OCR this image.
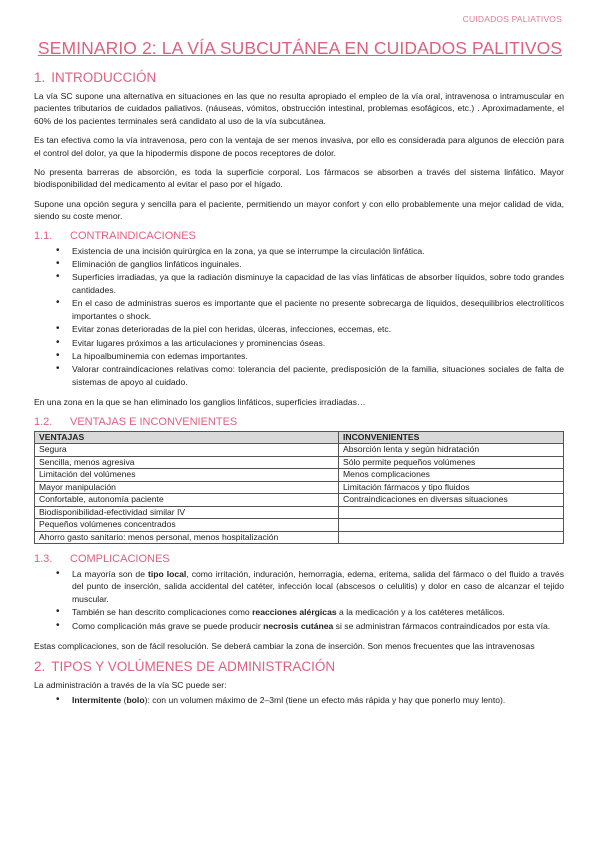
CUIDADOS PALIATIVOS
SEMINARIO 2: LA VÍA SUBCUTÁNEA EN CUIDADOS PALITIVOS
1. INTRODUCCIÓN

La vía SC supone una alternativa en situaciones en las que no resulta apropiado el empleo de la vía oral, intravenosa o intramuscular en pacientes tributarios de cuidados paliativos. (náuseas, vómitos, obstrucción intestinal, problemas esofágicos, etc.) . Aproximadamente, el 60% de los pacientes terminales será candidato al uso de la vía subcutánea.

Es tan efectiva como la vía intravenosa, pero con la ventaja de ser menos invasiva, por ello es considerada para algunos de elección para el control del dolor, ya que la hipodermis dispone de pocos receptores de dolor.

No presenta barreras de absorción, es toda la superficie corporal. Los fármacos se absorben a través del sistema linfático. Mayor biodisponibilidad del medicamento al evitar el paso por el hígado.

Supone una opción segura y sencilla para el paciente, permitiendo un mayor confort y con ello probablemente una mejor calidad de vida, siendo su coste menor.

1.1. CONTRAINDICACIONES
• Existencia de una incisión quirúrgica en la zona, ya que se interrumpe la circulación linfática.
• Eliminación de ganglios linfáticos inguinales.
• Superficies irradiadas, ya que la radiación disminuye la capacidad de las vías linfáticas de absorber líquidos, sobre todo grandes cantidades.
• En el caso de administras sueros es importante que el paciente no presente sobrecarga de líquidos, desequilibrios electrolíticos importantes o shock.
• Evitar zonas deterioradas de la piel con heridas, úlceras, infecciones, eccemas, etc.
• Evitar lugares próximos a las articulaciones y prominencias óseas.
• La hipoalbuminemia con edemas importantes.
• Valorar contraindicaciones relativas como: tolerancia del paciente, predisposición de la familia, situaciones sociales de falta de sistemas de apoyo al cuidado.

En una zona en la que se han eliminado los ganglios linfáticos, superficies irradiadas…

1.2. VENTAJAS E INCONVENIENTES
VENTAJAS	INCONVENIENTES
Segura	Absorción lenta y según hidratación
Sencilla, menos agresiva	Sólo permite pequeños volúmenes
Limitación del volúmenes	Menos complicaciones
Mayor manipulación	Limitación fármacos y tipo fluidos
Confortable, autonomía paciente	Contraindicaciones en diversas situaciones
Biodisponibilidad-efectividad similar IV	
Pequeños volúmenes concentrados	
Ahorro gasto sanitario: menos personal, menos hospitalización	
1.3. COMPLICACIONES
• La mayoría son de tipo local, como irritación, induración, hemorragia, edema, eritema, salida del fármaco o del fluido a través del punto de inserción, salida accidental del catéter, infección local (abscesos o celulitis) y dolor en caso de alcanzar el tejido muscular.
• También se han descrito complicaciones como reacciones alérgicas a la medicación y a los catéteres metálicos.
• Como complicación más grave se puede producir necrosis cutánea si se administran fármacos contraindicados por esta vía.

Estas complicaciones, son de fácil resolución. Se deberá cambiar la zona de inserción. Son menos frecuentes que las intravenosas

2. TIPOS Y VOLÚMENES DE ADMINISTRACIÓN

La administración a través de la vía SC puede ser:

• Intermitente (bolo): con un volumen máximo de 2–3ml (tiene un efecto más rápida y hay que ponerlo muy lento).
